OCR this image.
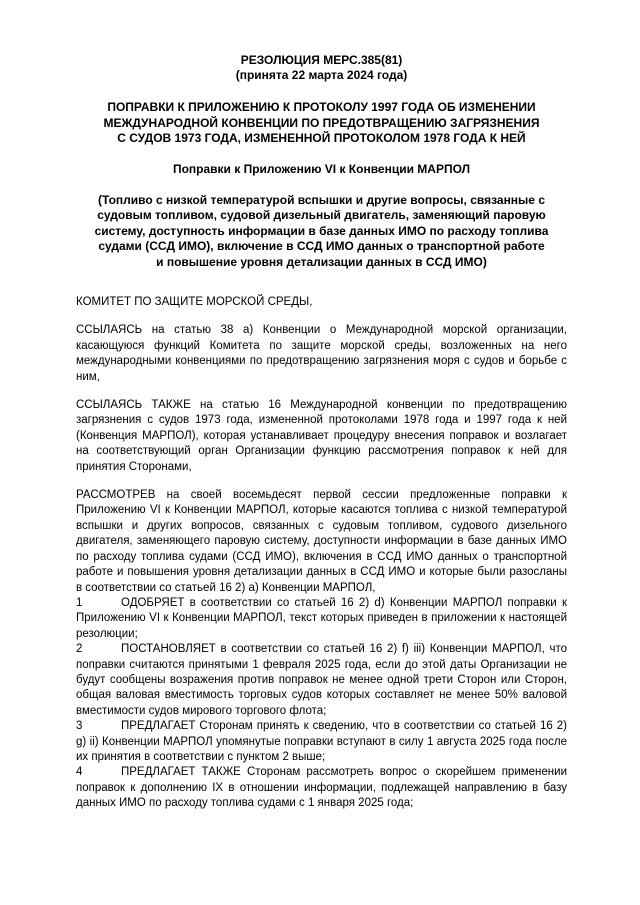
РЕЗОЛЮЦИЯ МЕРС.385(81)

(принята 22 марта 2024 года)

ПОПРАВКИ К ПРИЛОЖЕНИЮ К ПРОТОКОЛУ 1997 ГОДА ОБ ИЗМЕНЕНИИ
МЕЖДУНАРОДНОЙ КОНВЕНЦИИ ПО ПРЕДОТВРАЩЕНИЮ ЗАГРЯЗНЕНИЯ
С СУДОВ 1973 ГОДА, ИЗМЕНЕННОЙ ПРОТОКОЛОМ 1978 ГОДА К НЕЙ

Поправки к Приложению VI к Конвенции МАРПОЛ

(Топливо с низкой температурой вспышки и другие вопросы, связанные с
судовым топливом, судовой дизельный двигатель, заменяющий паровую
систему, доступность информации в базе данных ИМО по расходу топлива
судами (ССД ИМО), включение в ССД ИМО данных о транспортной работе
и повышение уровня детализации данных в ССД ИМО)

КОМИТЕТ ПО ЗАЩИТЕ МОРСКОЙ СРЕДЫ,

ССЫЛАЯСЬ на статью 38 a) Конвенции о Международной морской организации, касающуюся функций Комитета по защите морской среды, возложенных на него международными конвенциями по предотвращению загрязнения моря с судов и борьбе с ним,

ССЫЛАЯСЬ ТАКЖЕ на статью 16 Международной конвенции по предотвращению загрязнения с судов 1973 года, измененной протоколами 1978 года и 1997 года к ней (Конвенция МАРПОЛ), которая устанавливает процедуру внесения поправок и возлагает на соответствующий орган Организации функцию рассмотрения поправок к ней для принятия Сторонами,

РАССМОТРЕВ на своей восемьдесят первой сессии предложенные поправки к Приложению VI к Конвенции МАРПОЛ, которые касаются топлива с низкой температурой вспышки и других вопросов, связанных с судовым топливом, судового дизельного двигателя, заменяющего паровую систему, доступности информации в базе данных ИМО по расходу топлива судами (ССД ИМО), включения в ССД ИМО данных о транспортной работе и повышения уровня детализации данных в ССД ИМО и которые были разосланы в соответствии со статьей 16 2) a) Конвенции МАРПОЛ,

1	ОДОБРЯЕТ в соответствии со статьей 16 2) d) Конвенции МАРПОЛ поправки к Приложению VI к Конвенции МАРПОЛ, текст которых приведен в приложении к настоящей резолюции;

2	ПОСТАНОВЛЯЕТ в соответствии со статьей 16 2) f) iii) Конвенции МАРПОЛ, что поправки считаются принятыми 1 февраля 2025 года, если до этой даты Организации не будут сообщены возражения против поправок не менее одной трети Сторон или Сторон, общая валовая вместимость торговых судов которых составляет не менее 50% валовой вместимости судов мирового торгового флота;

3	ПРЕДЛАГАЕТ Сторонам принять к сведению, что в соответствии со статьей 16 2) g) ii) Конвенции МАРПОЛ упомянутые поправки вступают в силу 1 августа 2025 года после их принятия в соответствии с пунктом 2 выше;

4	ПРЕДЛАГАЕТ ТАКЖЕ Сторонам рассмотреть вопрос о скорейшем применении поправок к дополнению IX в отношении информации, подлежащей направлению в базу данных ИМО по расходу топлива судами с 1 января 2025 года;
